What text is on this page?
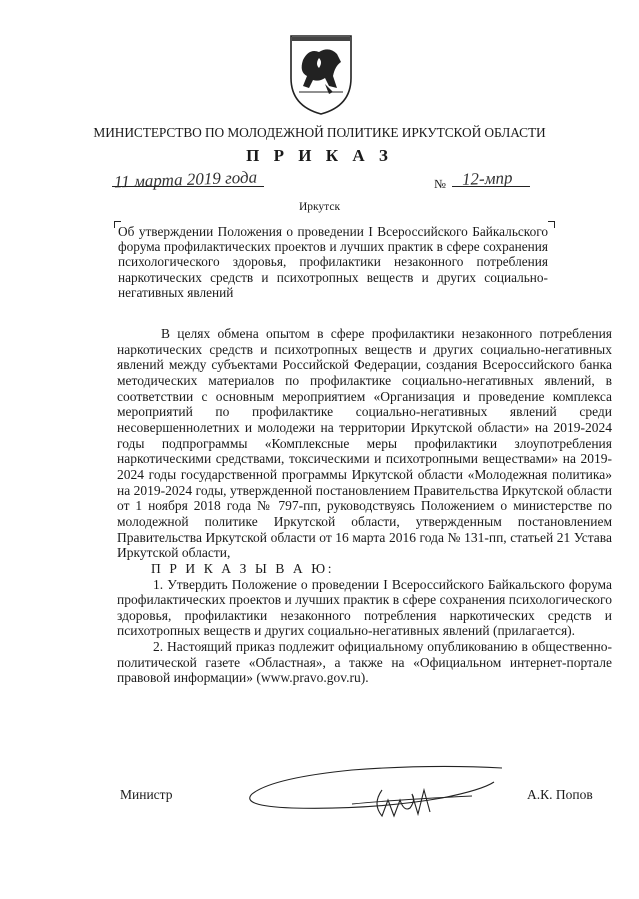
МИНИСТЕРСТВО ПО МОЛОДЕЖНОЙ ПОЛИТИКЕ ИРКУТСКОЙ ОБЛАСТИ
П Р И К А З
11 марта 2019 года	№ 12-мпр
Иркутск
Об утверждении Положения о проведении I Всероссийского Байкальского форума профилактических проектов и лучших практик в сфере сохранения психологического здоровья, профилактики незаконного потребления наркотических средств и психотропных веществ и других социально-негативных явлений

В целях обмена опытом в сфере профилактики незаконного потребления наркотических средств и психотропных веществ и других социально-негативных явлений между субъектами Российской Федерации, создания Всероссийского банка методических материалов по профилактике социально-негативных явлений, в соответствии с основным мероприятием «Организация и проведение комплекса мероприятий по профилактике социально-негативных явлений среди несовершеннолетних и молодежи на территории Иркутской области» на 2019-2024 годы подпрограммы «Комплексные меры профилактики злоупотребления наркотическими средствами, токсическими и психотропными веществами» на 2019-2024 годы государственной программы Иркутской области «Молодежная политика» на 2019-2024 годы, утвержденной постановлением Правительства Иркутской области от 1 ноября 2018 года № 797-пп, руководствуясь Положением о министерстве по молодежной политике Иркутской области, утвержденным постановлением Правительства Иркутской области от 16 марта 2016 года № 131-пп, статьей 21 Устава Иркутской области,

П Р И К А З Ы В А Ю:

1. Утвердить Положение о проведении I Всероссийского Байкальского форума профилактических проектов и лучших практик в сфере сохранения психологического здоровья, профилактики незаконного потребления наркотических средств и психотропных веществ и других социально-негативных явлений (прилагается).

2. Настоящий приказ подлежит официальному опубликованию в общественно-политической газете «Областная», а также на «Официальном интернет-портале правовой информации» (www.pravo.gov.ru).

Министр	А.К. Попов
